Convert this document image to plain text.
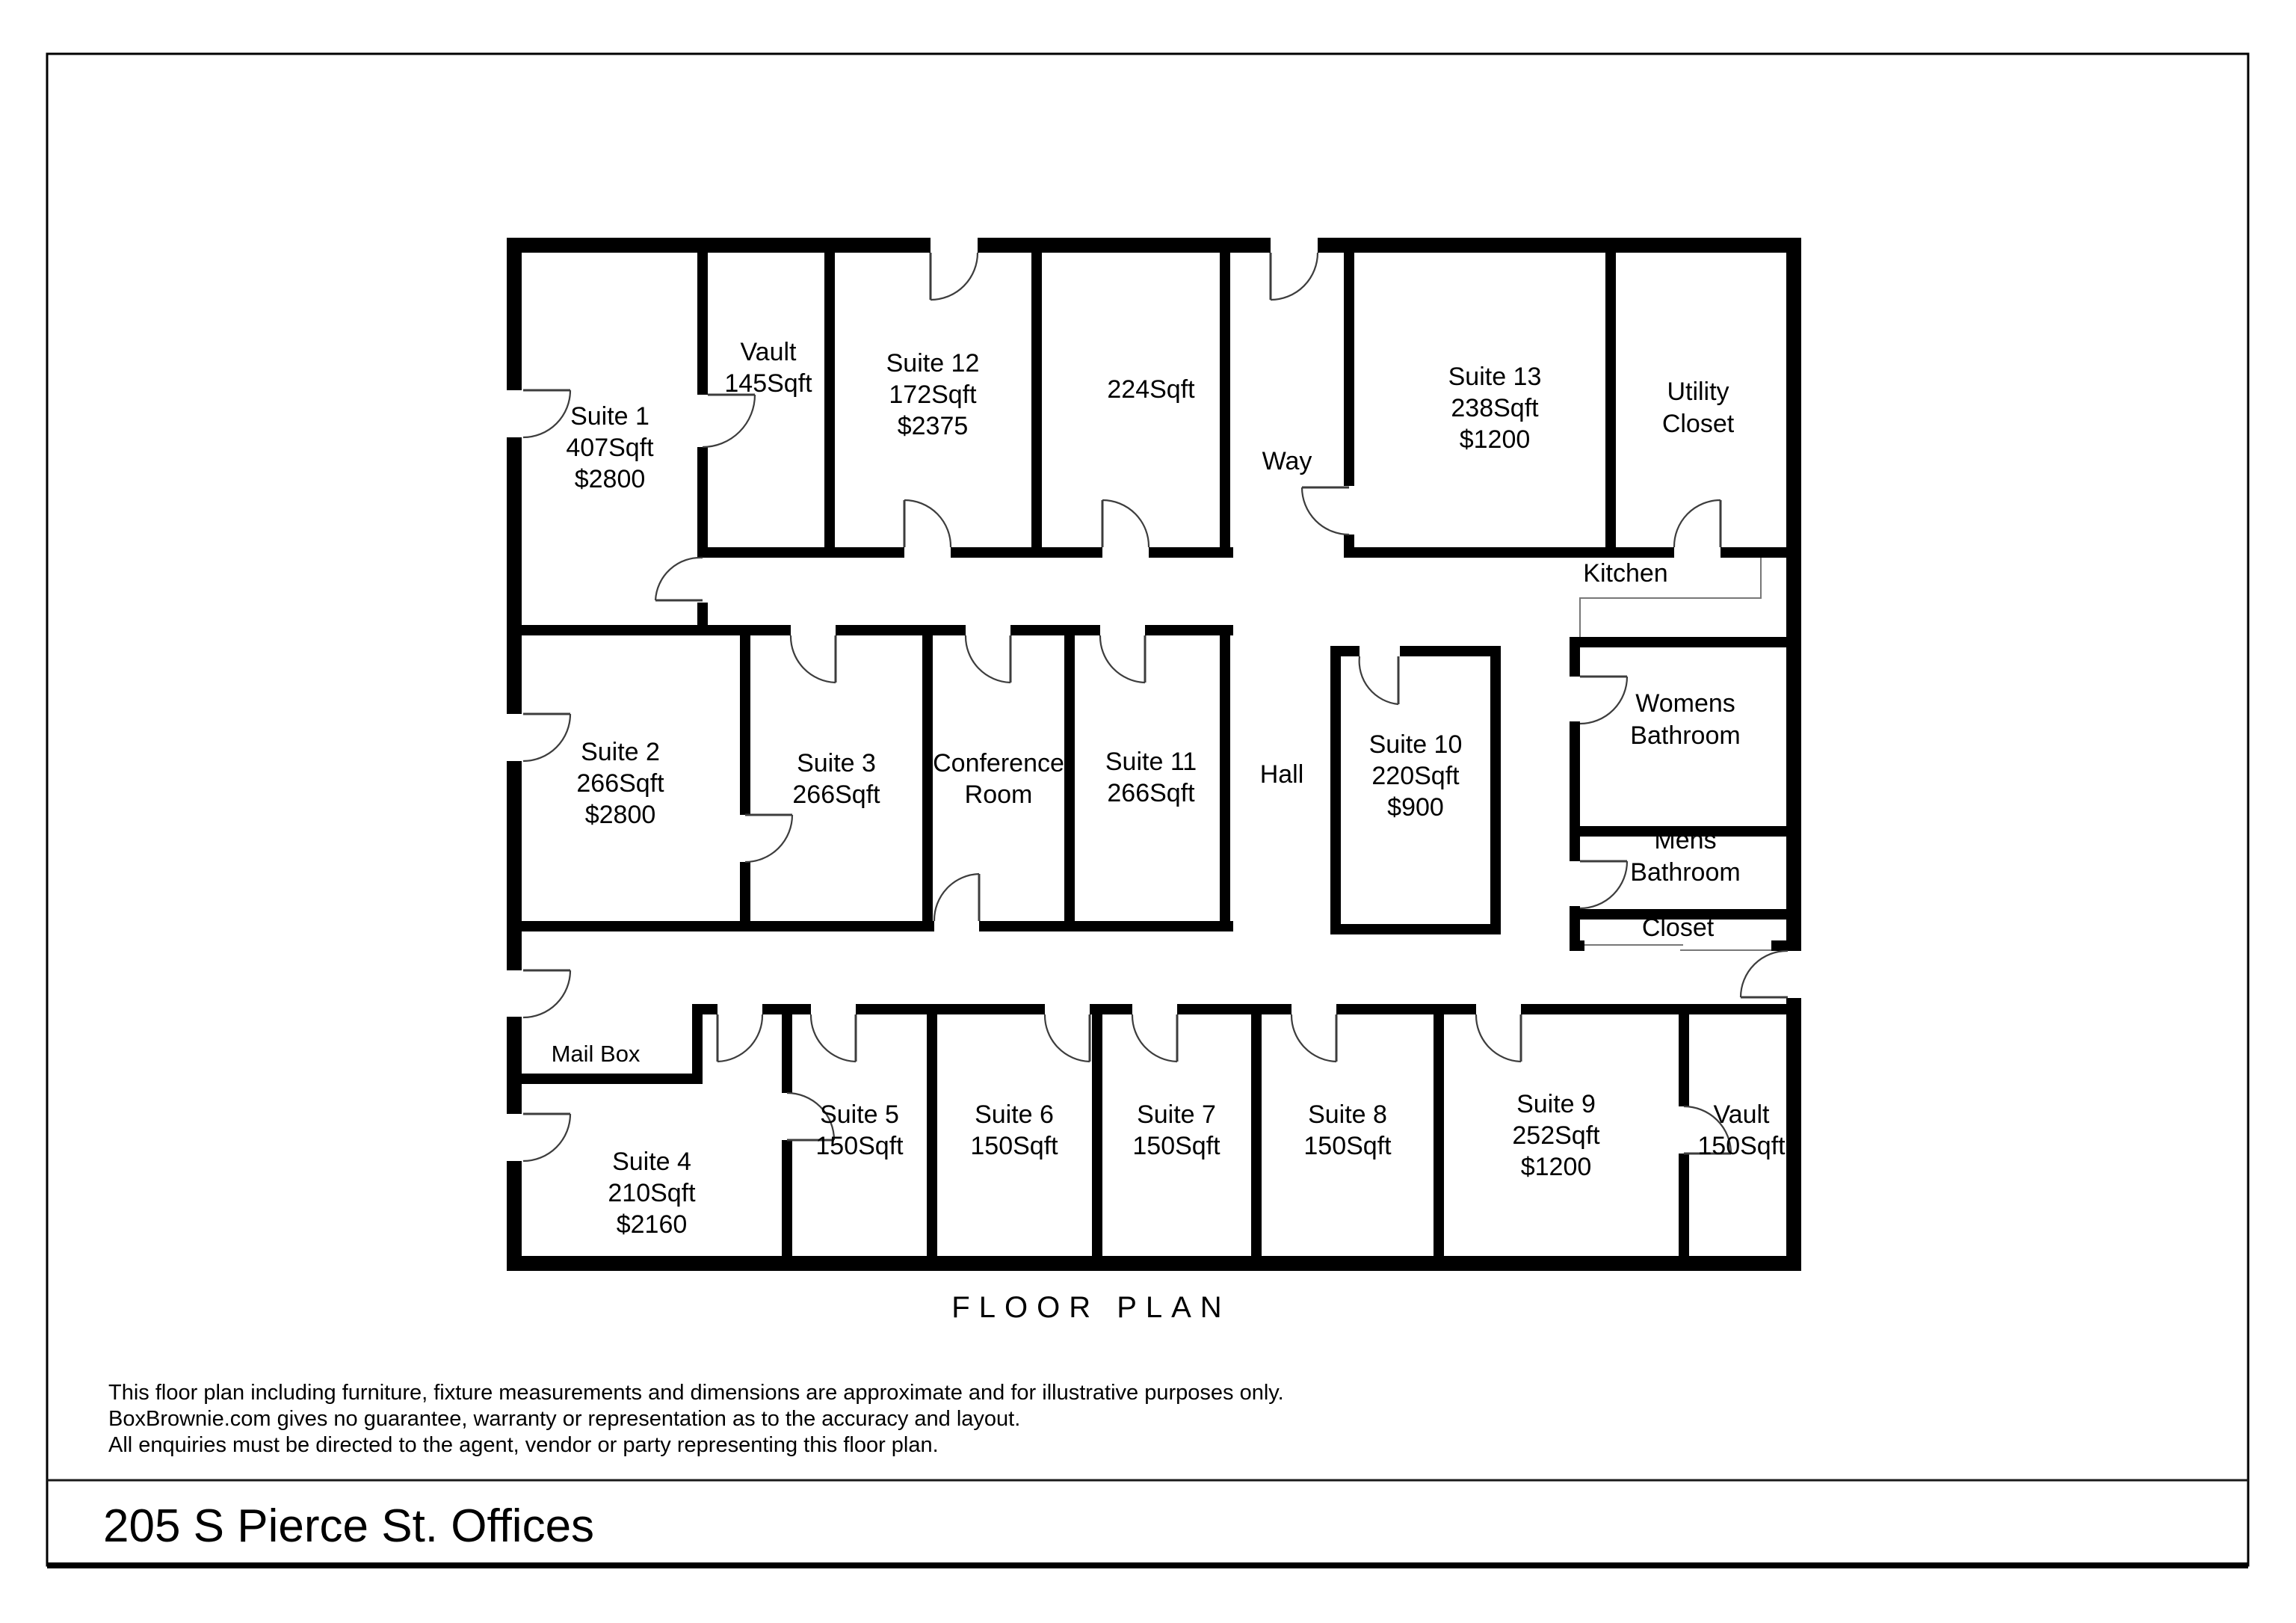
Suite 1
407Sqft
$2800
Vault
145Sqft
Suite 12
172Sqft
$2375
224Sqft
Way
Suite 13
238Sqft
$1200
Utility
Closet
Kitchen
Suite 2
266Sqft
$2800
Suite 3
266Sqft
Conference
Room
Suite 11
266Sqft
Hall
Suite 10
220Sqft
$900
Womens
Bathroom
Mens
Bathroom
Closet
Mail Box
Suite 4
210Sqft
$2160
Suite 5
150Sqft
Suite 6
150Sqft
Suite 7
150Sqft
Suite 8
150Sqft
Suite 9
252Sqft
$1200
Vault
150Sqft
FLOOR PLAN
This floor plan including furniture, fixture measurements and dimensions are approximate and for illustrative purposes only.
BoxBrownie.com gives no guarantee, warranty or representation as to the accuracy and layout.
All enquiries must be directed to the agent, vendor or party representing this floor plan.
205 S Pierce St. Offices
